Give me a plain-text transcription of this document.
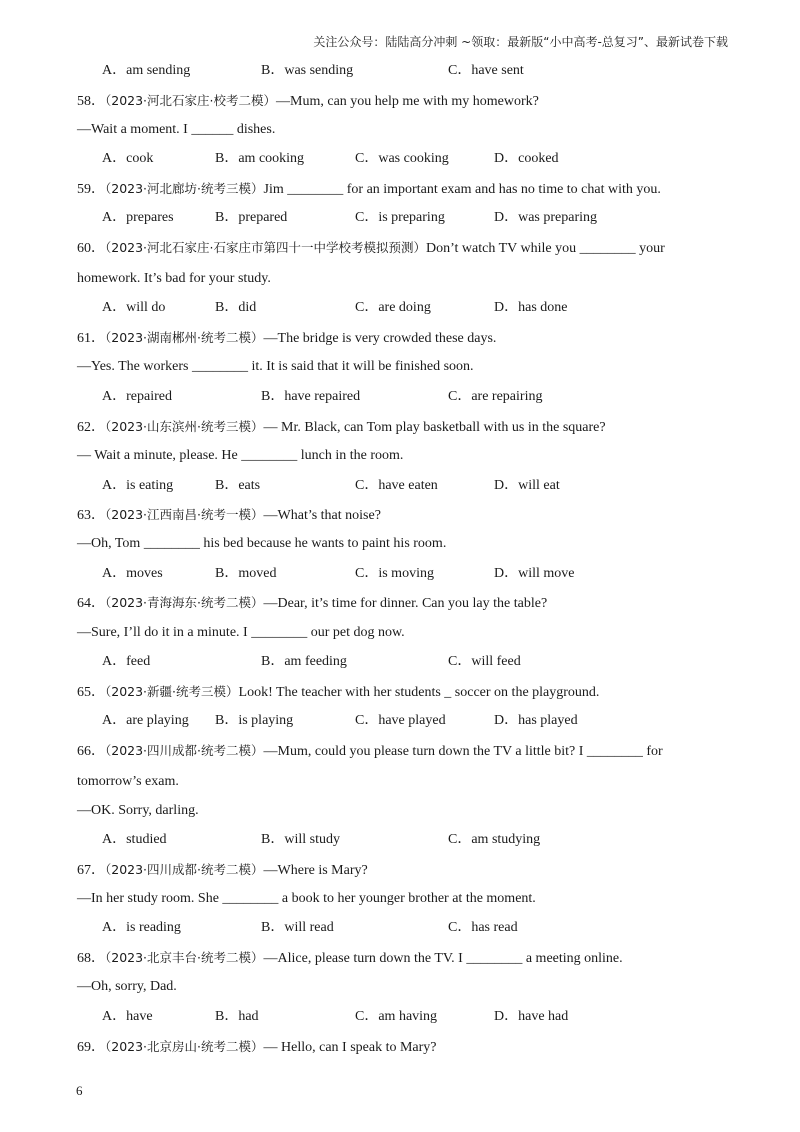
关注公众号：陆陆高分冲刺 ~领取：最新版“小中高考-总复习”、最新试卷下载
A．am sending	B．was sending	C．have sent
58．（2023·河北石家庄·校考二模）—Mum, can you help me with my homework?
—Wait a moment. I ______ dishes.
A．cook	B．am cooking	C．was cooking	D．cooked
59．（2023·河北廊坊·统考三模）Jim ________ for an important exam and has no time to chat with you.
A．prepares	B．prepared	C．is preparing	D．was preparing
60．（2023·河北石家庄·石家庄市第四十一中学校考模拟预测）Don’t watch TV while you ________ your
homework. It’s bad for your study.
A．will do	B．did	C．are doing	D．has done
61．（2023·湖南郴州·统考二模）—The bridge is very crowded these days.
—Yes. The workers ________ it. It is said that it will be finished soon.
A．repaired	B．have repaired	C．are repairing
62．（2023·山东滨州·统考三模）— Mr. Black, can Tom play basketball with us in the square?
— Wait a minute, please. He ________ lunch in the room.
A．is eating	B．eats	C．have eaten	D．will eat
63．（2023·江西南昌·统考一模）—What’s that noise?
—Oh, Tom ________ his bed because he wants to paint his room.
A．moves	B．moved	C．is moving	D．will move
64．（2023·青海海东·统考二模）—Dear, it’s time for dinner. Can you lay the table?
—Sure, I’ll do it in a minute. I ________ our pet dog now.
A．feed	B．am feeding	C．will feed
65．（2023·新疆·统考三模）Look! The teacher with her students _ soccer on the playground.
A．are playing B．is playing	C．have played	D．has played
66．（2023·四川成都·统考二模）—Mum, could you please turn down the TV a little bit? I ________ for
tomorrow’s exam.
—OK. Sorry, darling.
A．studied	B．will study	C．am studying
67．（2023·四川成都·统考二模）—Where is Mary?
—In her study room. She ________ a book to her younger brother at the moment.
A．is reading	B．will read	C．has read
68．（2023·北京丰台·统考二模）—Alice, please turn down the TV. I ________ a meeting online.
—Oh, sorry, Dad.
A．have	B．had	C．am having	D．have had
69．（2023·北京房山·统考二模）— Hello, can I speak to Mary?
6
